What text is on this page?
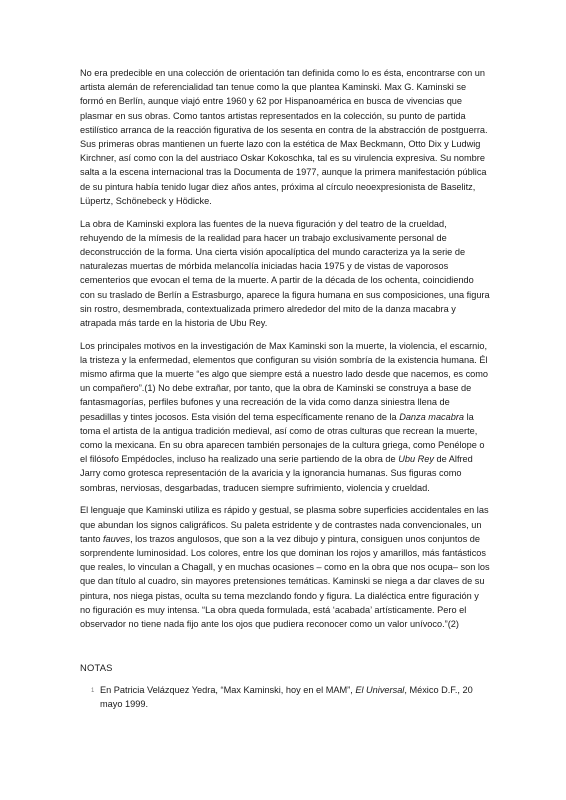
No era predecible en una colección de orientación tan definida como lo es ésta, encontrarse con un artista alemán de referencialidad tan tenue como la que plantea Kaminski. Max G. Kaminski se formó en Berlín, aunque viajó entre 1960 y 62 por Hispanoamérica en busca de vivencias que plasmar en sus obras. Como tantos artistas representados en la colección, su punto de partida estilístico arranca de la reacción figurativa de los sesenta en contra de la abstracción de postguerra. Sus primeras obras mantienen un fuerte lazo con la estética de Max Beckmann, Otto Dix y Ludwig Kirchner, así como con la del austriaco Oskar Kokoschka, tal es su virulencia expresiva. Su nombre salta a la escena internacional tras la Documenta de 1977, aunque la primera manifestación pública de su pintura había tenido lugar diez años antes, próxima al círculo neoexpresionista de Baselitz, Lüpertz, Schönebeck y Hödicke.

La obra de Kaminski explora las fuentes de la nueva figuración y del teatro de la crueldad, rehuyendo de la mímesis de la realidad para hacer un trabajo exclusivamente personal de deconstrucción de la forma. Una cierta visión apocalíptica del mundo caracteriza ya la serie de naturalezas muertas de mórbida melancolía iniciadas hacia 1975 y de vistas de vaporosos cementerios que evocan el tema de la muerte. A partir de la década de los ochenta, coincidiendo con su traslado de Berlín a Estrasburgo, aparece la figura humana en sus composiciones, una figura sin rostro, desmembrada, contextualizada primero alrededor del mito de la danza macabra y atrapada más tarde en la historia de Ubu Rey.

Los principales motivos en la investigación de Max Kaminski son la muerte, la violencia, el escarnio, la tristeza y la enfermedad, elementos que configuran su visión sombría de la existencia humana. Él mismo afirma que la muerte “es algo que siempre está a nuestro lado desde que nacemos, es como un compañero”.(1) No debe extrañar, por tanto, que la obra de Kaminski se construya a base de fantasmagorías, perfiles bufones y una recreación de la vida como danza siniestra llena de pesadillas y tintes jocosos. Esta visión del tema específicamente renano de la Danza macabra la toma el artista de la antigua tradición medieval, así como de otras culturas que recrean la muerte, como la mexicana. En su obra aparecen también personajes de la cultura griega, como Penélope o el filósofo Empédocles, incluso ha realizado una serie partiendo de la obra de Ubu Rey de Alfred Jarry como grotesca representación de la avaricia y la ignorancia humanas. Sus figuras como sombras, nerviosas, desgarbadas, traducen siempre sufrimiento, violencia y crueldad.

El lenguaje que Kaminski utiliza es rápido y gestual, se plasma sobre superficies accidentales en las que abundan los signos caligráficos. Su paleta estridente y de contrastes nada convencionales, un tanto fauves, los trazos angulosos, que son a la vez dibujo y pintura, consiguen unos conjuntos de sorprendente luminosidad. Los colores, entre los que dominan los rojos y amarillos, más fantásticos que reales, lo vinculan a Chagall, y en muchas ocasiones – como en la obra que nos ocupa– son los que dan título al cuadro, sin mayores pretensiones temáticas. Kaminski se niega a dar claves de su pintura, nos niega pistas, oculta su tema mezclando fondo y figura. La dialéctica entre figuración y no figuración es muy intensa. “La obra queda formulada, está ‘acabada’ artísticamente. Pero el observador no tiene nada fijo ante los ojos que pudiera reconocer como un valor unívoco.”(2)

NOTAS
1 En Patricia Velázquez Yedra, “Max Kaminski, hoy en el MAM”, El Universal, México D.F., 20 mayo 1999.
